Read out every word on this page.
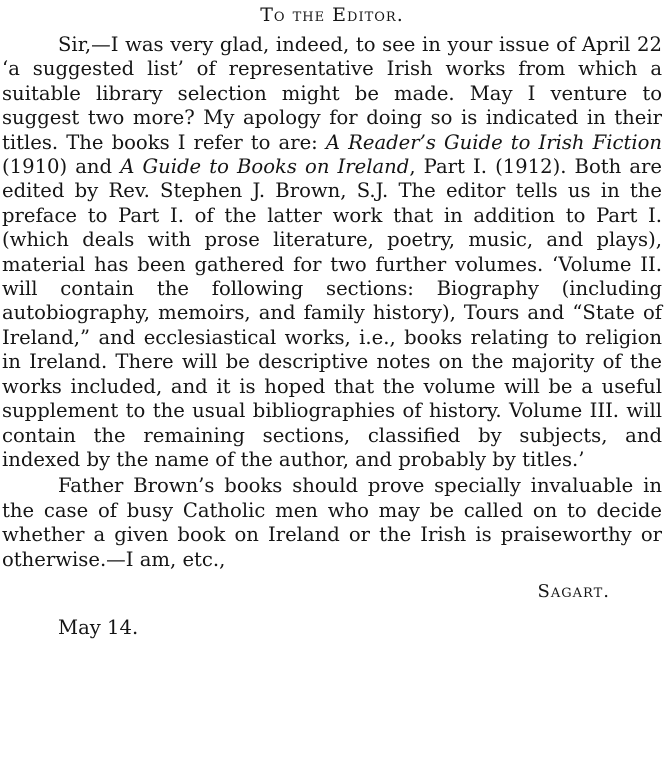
To the Editor.

Sir,—I was very glad, indeed, to see in your issue of April 22 ‘a suggested list’ of representative Irish works from which a suitable library selection might be made. May I venture to suggest two more? My apology for doing so is indicated in their titles. The books I refer to are: A Reader’s Guide to Irish Fiction (1910) and A Guide to Books on Ireland, Part I. (1912). Both are edited by Rev. Stephen J. Brown, S.J. The editor tells us in the preface to Part I. of the latter work that in addition to Part I. (which deals with prose literature, poetry, music, and plays), material has been gathered for two further volumes. ‘Volume II. will contain the following sections: Biography (including autobiography, memoirs, and family history), Tours and “State of Ireland,” and ecclesiastical works, i.e., books relating to religion in Ireland. There will be descriptive notes on the majority of the works included, and it is hoped that the volume will be a useful supplement to the usual bibliographies of history. Volume III. will contain the remaining sections, classified by subjects, and indexed by the name of the author, and probably by titles.’

Father Brown’s books should prove specially invaluable in the case of busy Catholic men who may be called on to decide whether a given book on Ireland or the Irish is praiseworthy or otherwise.—I am, etc.,

Sagart.
May 14.
